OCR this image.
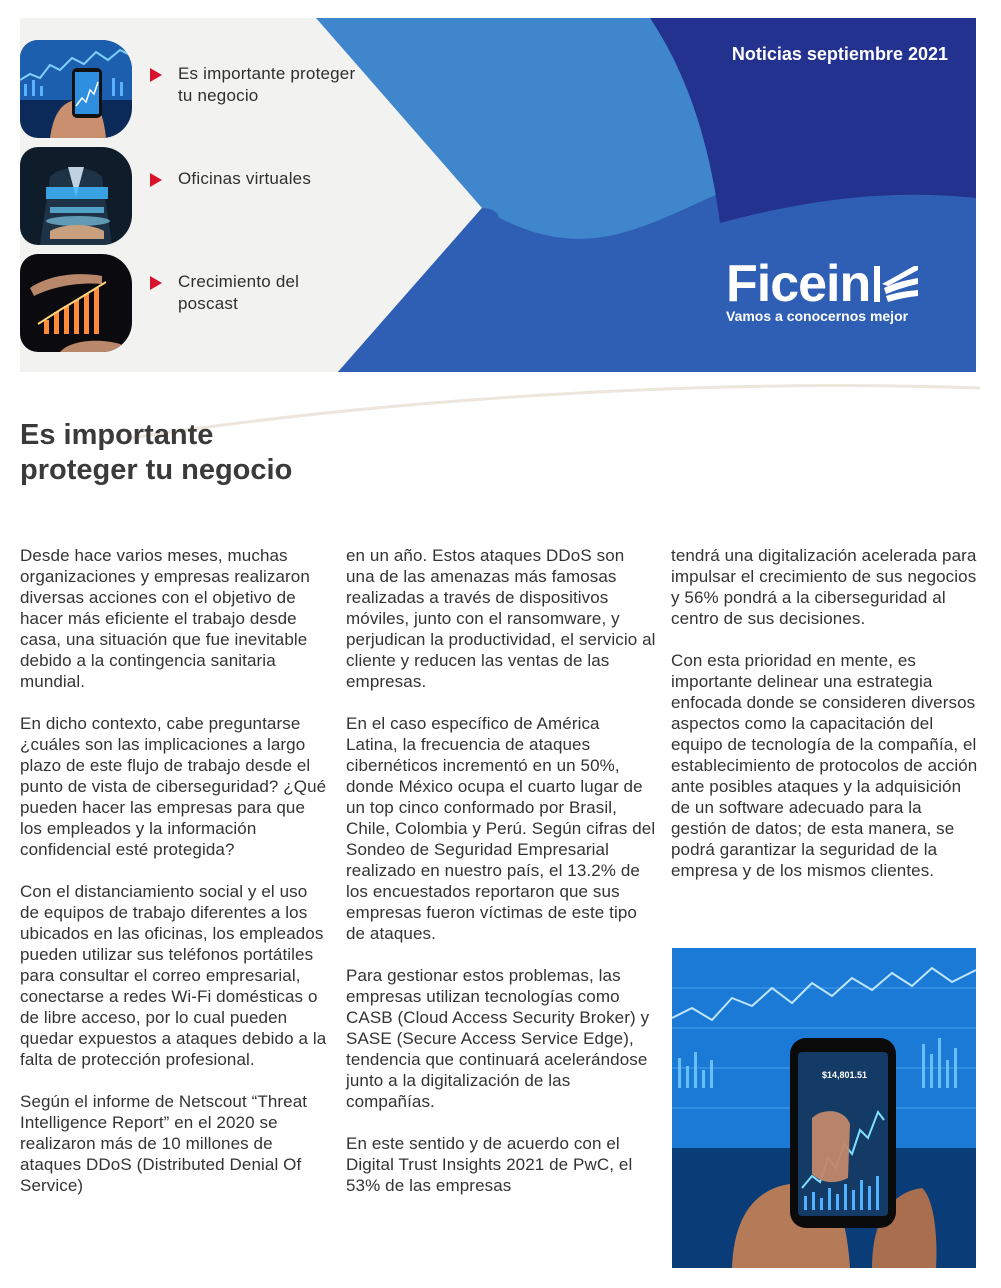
Es importante proteger tu negocio
Oficinas virtuales
Crecimiento del poscast
Noticias septiembre 2021
Ficein
Vamos a conocernos mejor
Es importante proteger tu negocio

Desde hace varios meses, muchas organizaciones y empresas realizaron diversas acciones con el objetivo de hacer más eficiente el trabajo desde casa, una situación que fue inevitable debido a la contingencia sanitaria mundial.

En dicho contexto, cabe preguntarse ¿cuáles son las implicaciones a largo plazo de este flujo de trabajo desde el punto de vista de ciberseguridad? ¿Qué pueden hacer las empresas para que los empleados y la información confidencial esté protegida?

Con el distanciamiento social y el uso de equipos de trabajo diferentes a los ubicados en las oficinas, los empleados pueden utilizar sus teléfonos portátiles para consultar el correo empresarial, conectarse a redes Wi-Fi domésticas o de libre acceso, por lo cual pueden quedar expuestos a ataques debido a la falta de protección profesional.

Según el informe de Netscout “Threat Intelligence Report” en el 2020 se realizaron más de 10 millones de ataques DDoS (Distributed Denial Of Service)

en un año. Estos ataques DDoS son una de las amenazas más famosas realizadas a través de dispositivos móviles, junto con el ransomware, y perjudican la productividad, el servicio al cliente y reducen las ventas de las empresas.

En el caso específico de América Latina, la frecuencia de ataques cibernéticos incrementó en un 50%, donde México ocupa el cuarto lugar de un top cinco conformado por Brasil, Chile, Colombia y Perú. Según cifras del Sondeo de Seguridad Empresarial realizado en nuestro país, el 13.2% de los encuestados reportaron que sus empresas fueron víctimas de este tipo de ataques.

Para gestionar estos problemas, las empresas utilizan tecnologías como CASB (Cloud Access Security Broker) y SASE (Secure Access Service Edge), tendencia que continuará acelerándose junto a la digitalización de las compañías.

En este sentido y de acuerdo con el Digital Trust Insights 2021 de PwC, el 53% de las empresas

tendrá una digitalización acelerada para impulsar el crecimiento de sus negocios y 56% pondrá a la ciberseguridad al centro de sus decisiones.

Con esta prioridad en mente, es importante delinear una estrategia enfocada donde se consideren diversos aspectos como la capacitación del equipo de tecnología de la compañía, el establecimiento de protocolos de acción ante posibles ataques y la adquisición de un software adecuado para la gestión de datos; de esta manera, se podrá garantizar la seguridad de la empresa y de los mismos clientes.

$14,801.51
